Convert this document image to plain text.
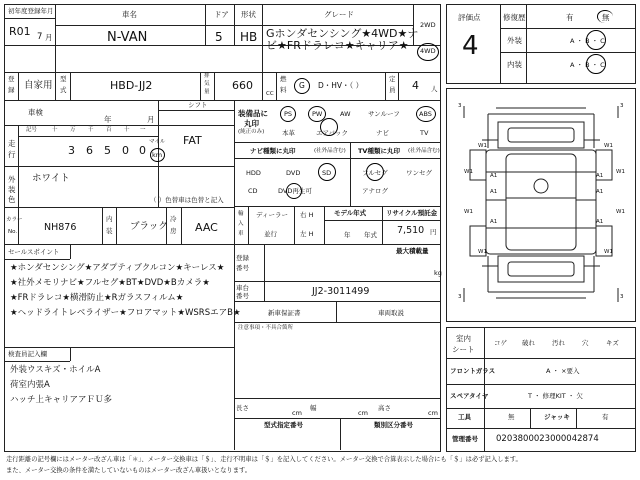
初年度登録年月
R01 7 月
車名
N-VAN
ドア
5
形状
HB
グレード
Gホンダセンシング★4WD★ナ
ビ★FRドラレコ★キャリア★
2WD
4WD
登
録 自家用
型
式	HBD-JJ2
排
気
量 660
CC
燃
料 G D・HV・（ ）
定
員 4 人
車検
年	月
シフト
FAT
走
行
記号	十 万 千 百 十 一
3 6 5 0 0
マイル
km
外
装
色
ホワイト
（ ）色替車は色替と記入
カラー
No.	NH876
内
装 ブラック
冷
房 AAC
セールスポイント
★ホンダセンシング★アダプティブクルコン★キーレス★
★社外メモリナビ★フルセグ★BT★DVD★Bカメラ★
★FRドラレコ★横滑防止★Rガラスフィルム★
★ヘッドライトレベライザー★フロアマット★WSRSエアB★
検査員記入欄
外装ウスキズ・ホイルA
荷室内張A
ハッチ上キャリアアＦＵ多
装備品に
丸印
(純正のみ)
PS	PW	AW	サンルーフ	ABS
本革	エアバック	ナビ	TV
ナビ種類に丸印	(社外品含む)
HDD	DVD	SD
CD	DVD再生可
TV種類に丸印 (社外品含む)
フルセグ	ワンセグ
アナログ
輸
入
車
ディーラー
並行
右 H
左 H
モデル年式
年 年式
リサイクル預託金
7,510 円
登録
番号
最大積載量
kg
車台
番号	JJ2-3011499
新車保証書	車両取説
注意事項・不具合箇所
長さ
cm
幅
cm
高さ
cm
型式指定番号	類別区分番号
評価点
4
修復歴	有	無
外装	A ・ B ・ C
内装	A ・ B ・ C
3	3
W1	W1
A1	A1
A1	A1
W1	W1
W1	W1
A1	A1
W1	W1
3	3
室内
シート
コゲ 破れ	汚れ	穴	キズ
フロントガラス	A ・ ×要入
スペアタイヤ	T ・ 修理KIT ・ 欠
工具	無	ジャッキ	有
管理番号 0203800023000042874
走行距離の記号欄にはメーター改ざん車は「＊」、メーター交換車は「＄」、走行不明車は「＄」を記入してください。メーター交換で合算表示した場合にも「＄」は必ず記入します。
また、メーター交換の条件を満たしていないものはメーター改ざん車扱いとなります。
